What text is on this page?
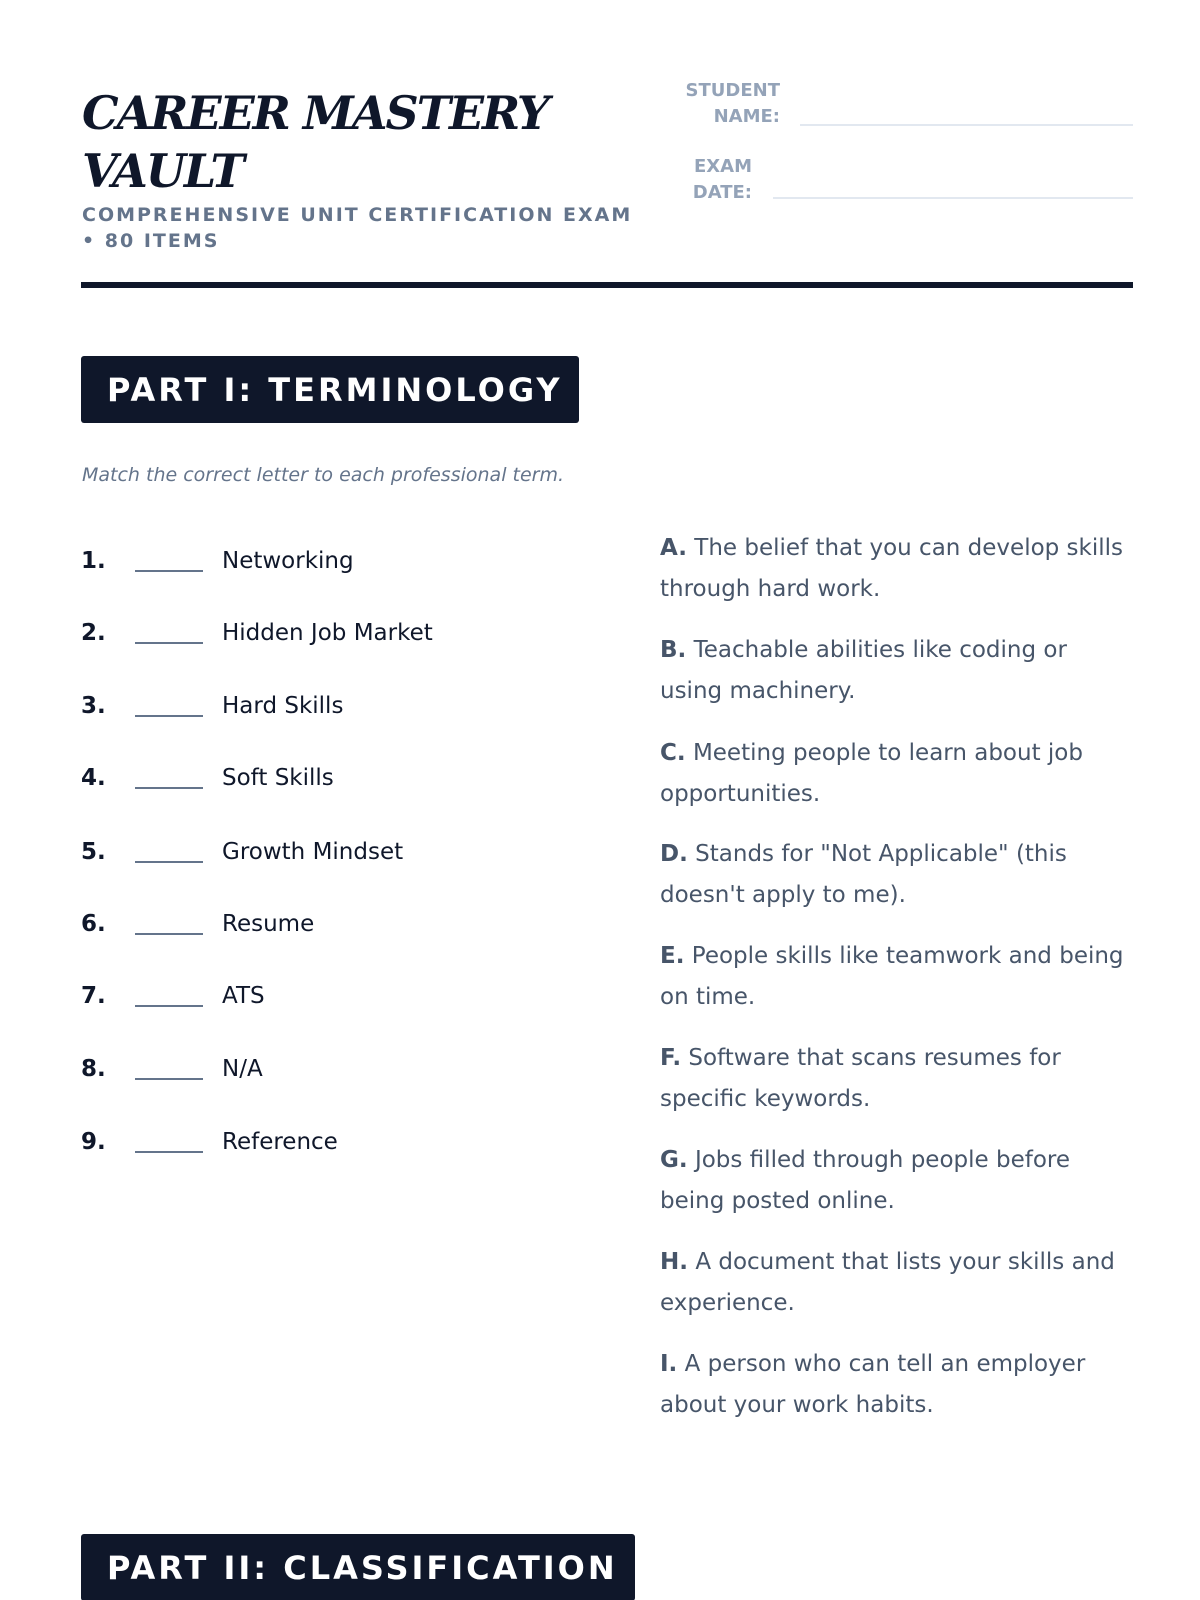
CAREER MASTERY VAULT
COMPREHENSIVE UNIT CERTIFICATION EXAM • 80 ITEMS
STUDENT
NAME:
EXAM
DATE:
PART I: TERMINOLOGY
Match the correct letter to each professional term.
1.	Networking
2.	Hidden Job Market
3.	Hard Skills
4.	Soft Skills
5.	Growth Mindset
6.	Resume
7.	ATS
8.	N/A
9.	Reference
A. The belief that you can develop skills through hard work.
B. Teachable abilities like coding or using machinery.
C. Meeting people to learn about job opportunities.
D. Stands for "Not Applicable" (this doesn't apply to me).
E. People skills like teamwork and being on time.
F. Software that scans resumes for specific keywords.
G. Jobs filled through people before being posted online.
H. A document that lists your skills and experience.
I. A person who can tell an employer about your work habits.
PART II: CLASSIFICATION
